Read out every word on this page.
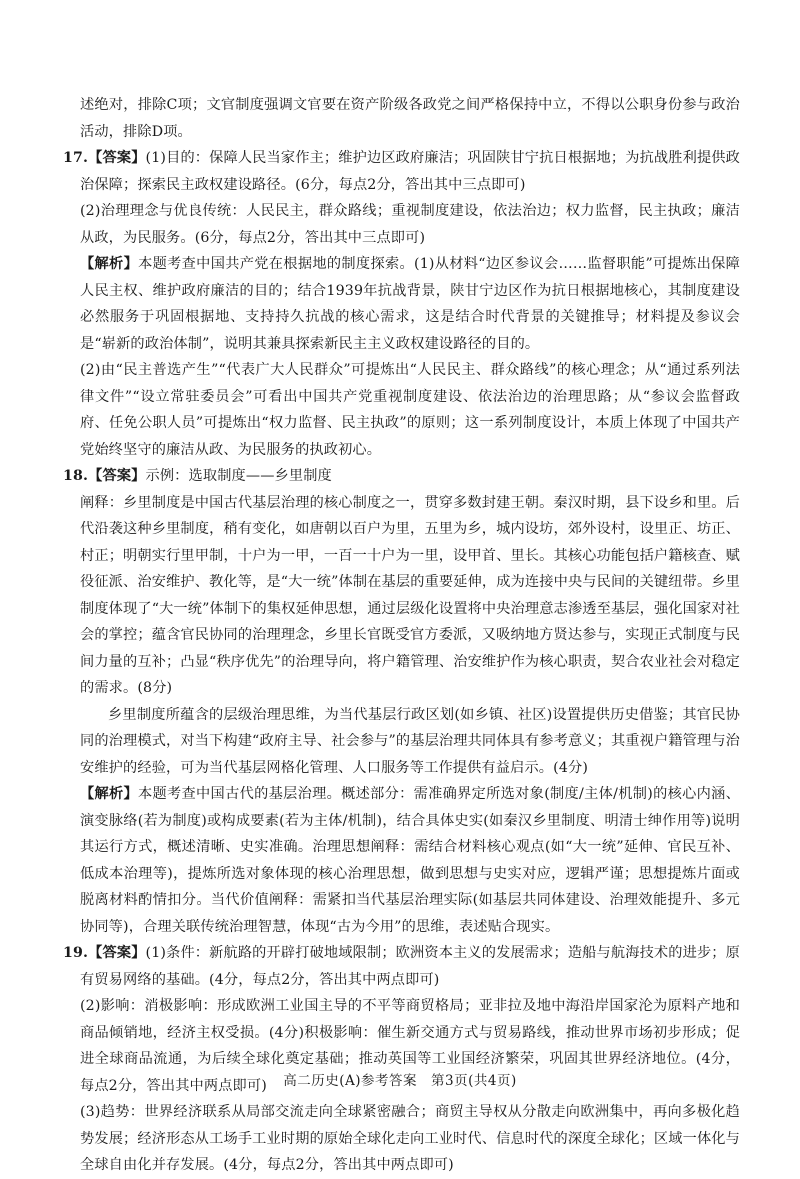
述绝对，排除C项；文官制度强调文官要在资产阶级各政党之间严格保持中立，不得以公职身份参与政治活动，排除D项。

17.【答案】(1)目的：保障人民当家作主；维护边区政府廉洁；巩固陕甘宁抗日根据地；为抗战胜利提供政治保障；探索民主政权建设路径。(6分，每点2分，答出其中三点即可)

(2)治理理念与优良传统：人民民主，群众路线；重视制度建设，依法治边；权力监督，民主执政；廉洁从政，为民服务。(6分，每点2分，答出其中三点即可)

【解析】本题考查中国共产党在根据地的制度探索。(1)从材料“边区参议会……监督职能”可提炼出保障人民主权、维护政府廉洁的目的；结合1939年抗战背景，陕甘宁边区作为抗日根据地核心，其制度建设必然服务于巩固根据地、支持持久抗战的核心需求，这是结合时代背景的关键推导；材料提及参议会是“崭新的政治体制”，说明其兼具探索新民主主义政权建设路径的目的。

(2)由“民主普选产生”“代表广大人民群众”可提炼出“人民民主、群众路线”的核心理念；从“通过系列法律文件”“设立常驻委员会”可看出中国共产党重视制度建设、依法治边的治理思路；从“参议会监督政府、任免公职人员”可提炼出“权力监督、民主执政”的原则；这一系列制度设计，本质上体现了中国共产党始终坚守的廉洁从政、为民服务的执政初心。

18.【答案】示例：选取制度——乡里制度

阐释：乡里制度是中国古代基层治理的核心制度之一，贯穿多数封建王朝。秦汉时期，县下设乡和里。后代沿袭这种乡里制度，稍有变化，如唐朝以百户为里，五里为乡，城内设坊，郊外设村，设里正、坊正、村正；明朝实行里甲制，十户为一甲，一百一十户为一里，设甲首、里长。其核心功能包括户籍核查、赋役征派、治安维护、教化等，是“大一统”体制在基层的重要延伸，成为连接中央与民间的关键纽带。乡里制度体现了“大一统”体制下的集权延伸思想，通过层级化设置将中央治理意志渗透至基层，强化国家对社会的掌控；蕴含官民协同的治理理念，乡里长官既受官方委派，又吸纳地方贤达参与，实现正式制度与民间力量的互补；凸显“秩序优先”的治理导向，将户籍管理、治安维护作为核心职责，契合农业社会对稳定的需求。(8分)

乡里制度所蕴含的层级治理思维，为当代基层行政区划(如乡镇、社区)设置提供历史借鉴；其官民协同的治理模式，对当下构建“政府主导、社会参与”的基层治理共同体具有参考意义；其重视户籍管理与治安维护的经验，可为当代基层网格化管理、人口服务等工作提供有益启示。(4分)

【解析】本题考查中国古代的基层治理。概述部分：需准确界定所选对象(制度/主体/机制)的核心内涵、演变脉络(若为制度)或构成要素(若为主体/机制)，结合具体史实(如秦汉乡里制度、明清士绅作用等)说明其运行方式，概述清晰、史实准确。治理思想阐释：需结合材料核心观点(如“大一统”延伸、官民互补、低成本治理等)，提炼所选对象体现的核心治理思想，做到思想与史实对应，逻辑严谨；思想提炼片面或脱离材料酌情扣分。当代价值阐释：需紧扣当代基层治理实际(如基层共同体建设、治理效能提升、多元协同等)，合理关联传统治理智慧，体现“古为今用”的思维，表述贴合现实。

19.【答案】(1)条件：新航路的开辟打破地域限制；欧洲资本主义的发展需求；造船与航海技术的进步；原有贸易网络的基础。(4分，每点2分，答出其中两点即可)

(2)影响：消极影响：形成欧洲工业国主导的不平等商贸格局；亚非拉及地中海沿岸国家沦为原料产地和商品倾销地，经济主权受损。(4分)积极影响：催生新交通方式与贸易路线，推动世界市场初步形成；促进全球商品流通，为后续全球化奠定基础；推动英国等工业国经济繁荣，巩固其世界经济地位。(4分，每点2分，答出其中两点即可)

(3)趋势：世界经济联系从局部交流走向全球紧密融合；商贸主导权从分散走向欧洲集中，再向多极化趋势发展；经济形态从工场手工业时期的原始全球化走向工业时代、信息时代的深度全球化；区域一体化与全球自由化并存发展。(4分，每点2分，答出其中两点即可)

高二历史(A)参考答案　第3页(共4页)
